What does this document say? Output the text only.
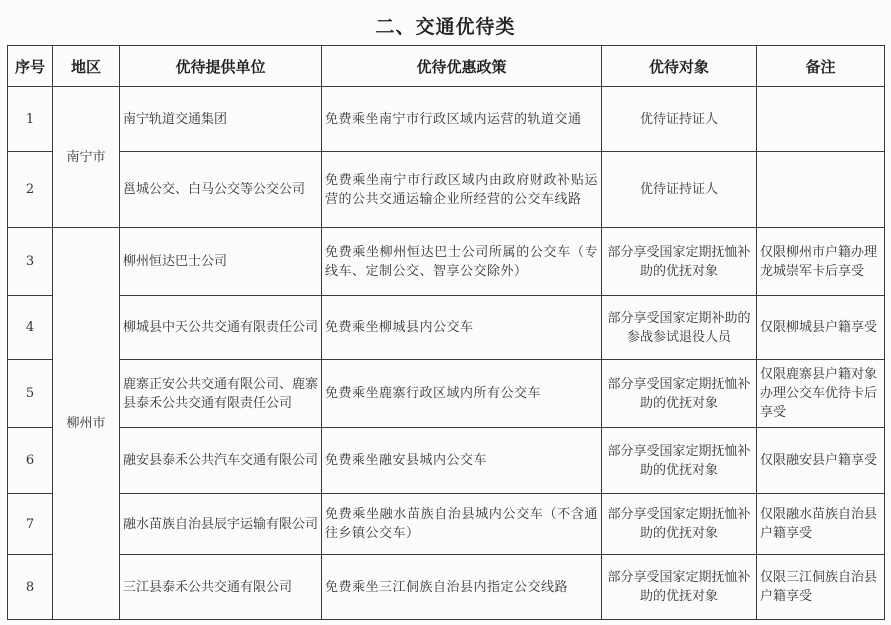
二、交通优待类
序号	地区	优待提供单位	优待优惠政策	优待对象	备注
1	南宁市	南宁轨道交通集团	免费乘坐南宁市行政区域内运营的轨道交通	优待证持证人	
2		邕城公交、白马公交等公交公司	免费乘坐南宁市行政区域内由政府财政补贴运营的公共交通运输企业所经营的公交车线路	优待证持证人	
3	柳州市	柳州恒达巴士公司	免费乘坐柳州恒达巴士公司所属的公交车（专线车、定制公交、智享公交除外）	部分享受国家定期抚恤补助的优抚对象	仅限柳州市户籍办理龙城崇军卡后享受
4		柳城县中天公共交通有限责任公司	免费乘坐柳城县内公交车	部分享受国家定期补助的参战参试退役人员	仅限柳城县户籍享受
5		鹿寨正安公共交通有限公司、鹿寨县泰禾公共交通有限责任公司	免费乘坐鹿寨行政区域内所有公交车	部分享受国家定期抚恤补助的优抚对象	仅限鹿寨县户籍对象办理公交车优待卡后享受
6		融安县泰禾公共汽车交通有限公司	免费乘坐融安县城内公交车	部分享受国家定期抚恤补助的优抚对象	仅限融安县户籍享受
7		融水苗族自治县辰宇运输有限公司	免费乘坐融水苗族自治县城内公交车（不含通往乡镇公交车）	部分享受国家定期抚恤补助的优抚对象	仅限融水苗族自治县户籍享受
8		三江县泰禾公共交通有限公司	免费乘坐三江侗族自治县内指定公交线路	部分享受国家定期抚恤补助的优抚对象	仅限三江侗族自治县户籍享受
